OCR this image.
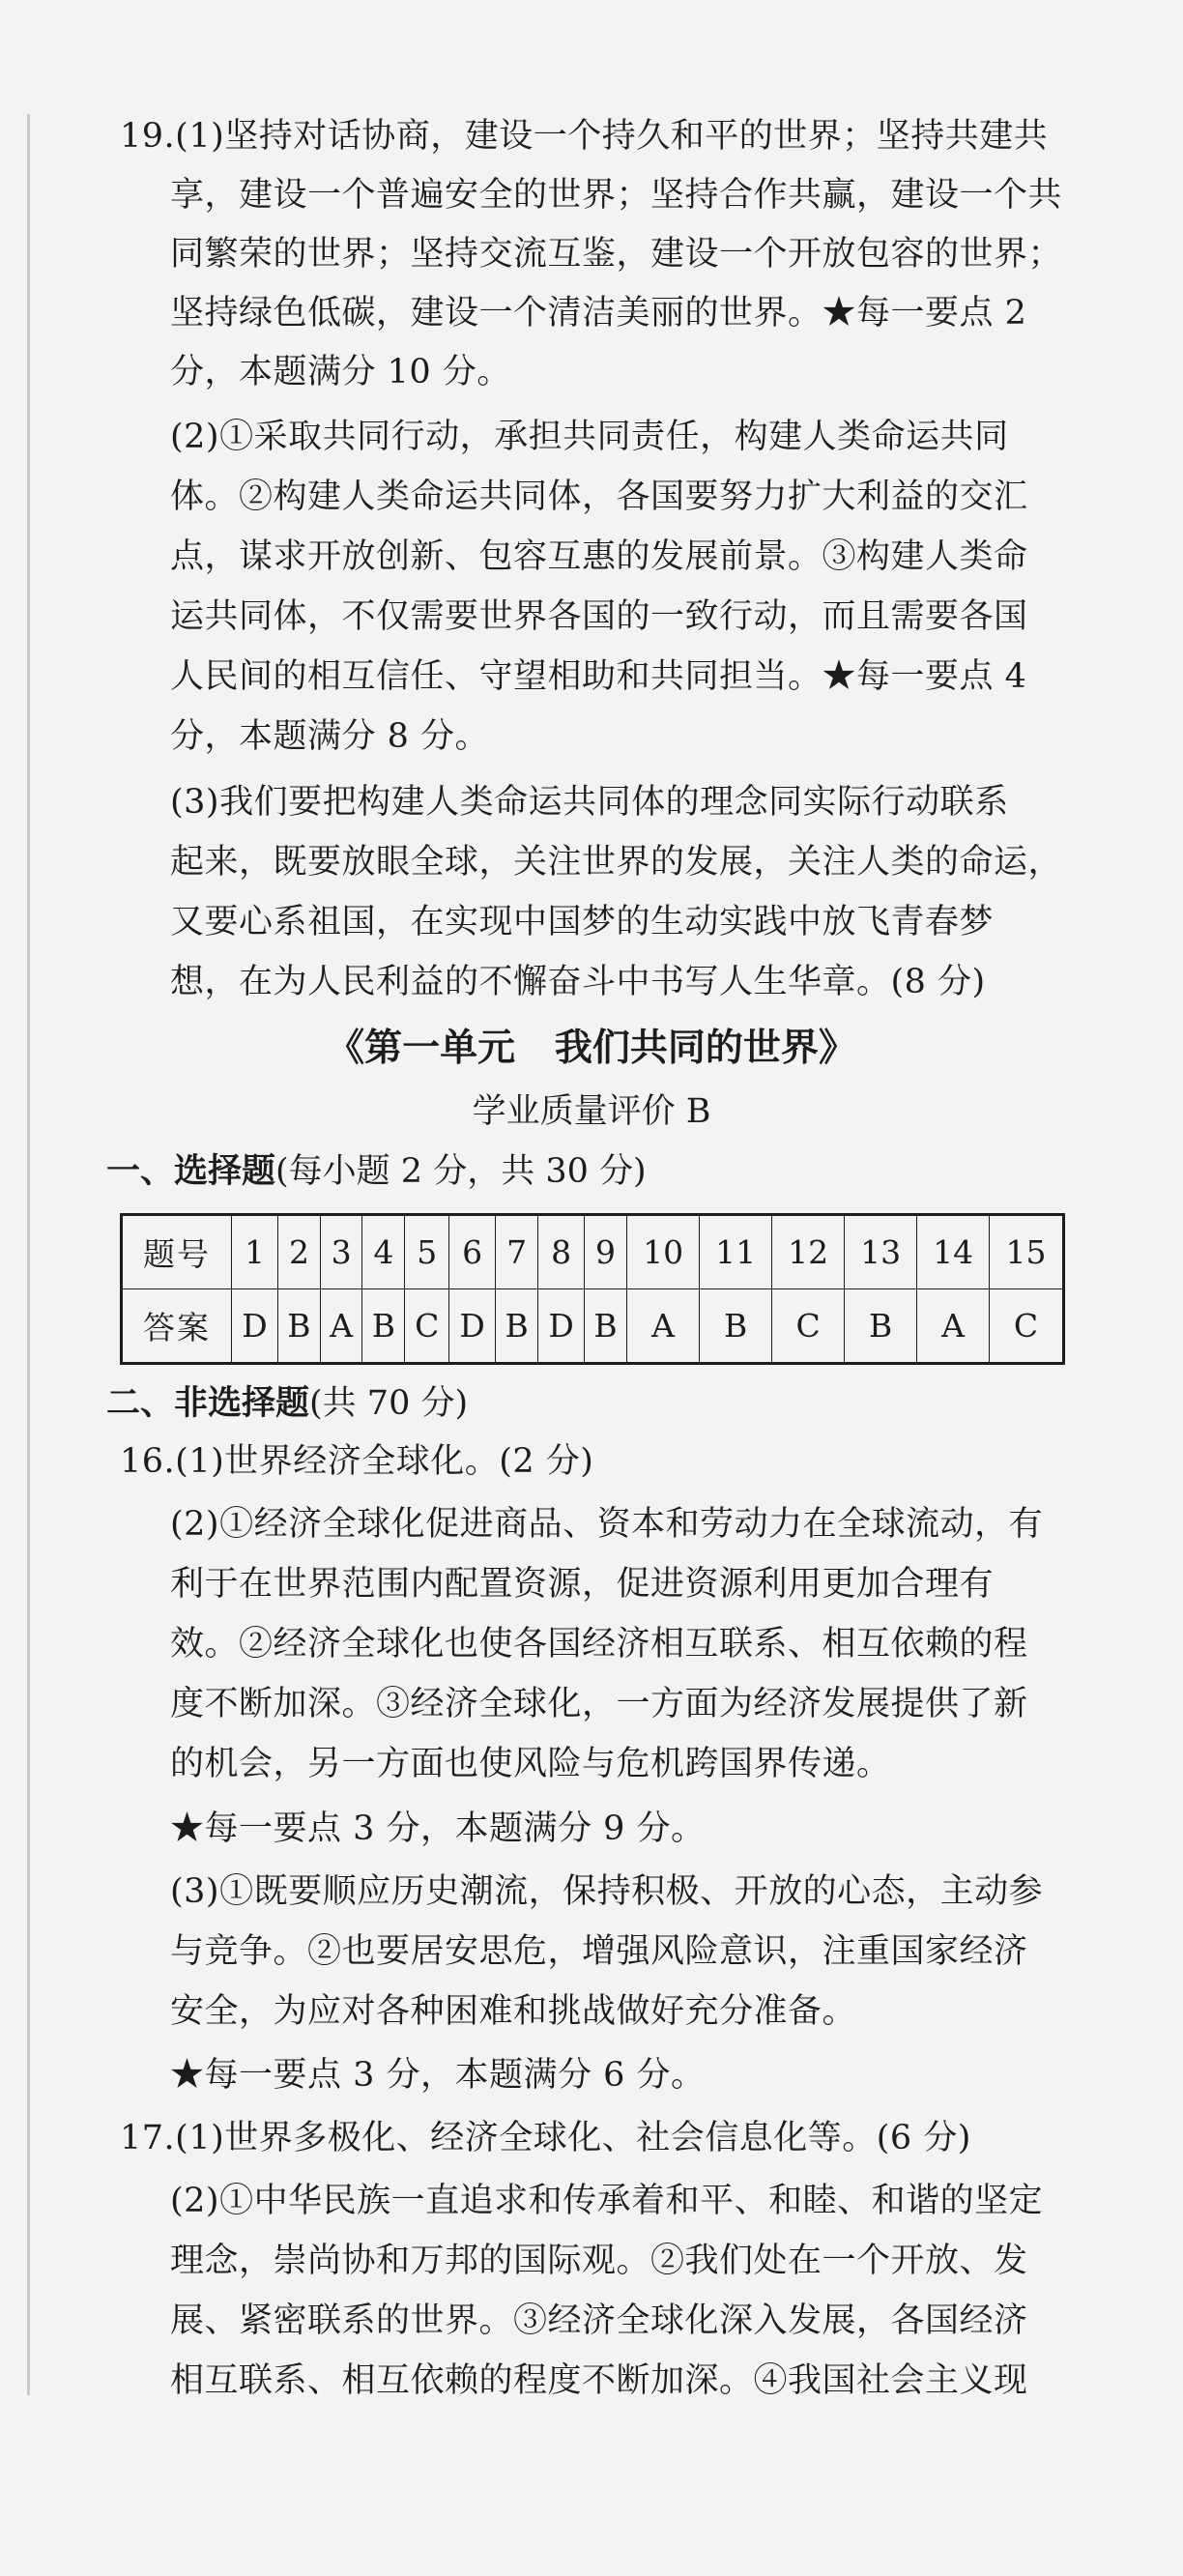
19.(1)坚持对话协商，建设一个持久和平的世界；坚持共建共
享，建设一个普遍安全的世界；坚持合作共赢，建设一个共
同繁荣的世界；坚持交流互鉴，建设一个开放包容的世界；
坚持绿色低碳，建设一个清洁美丽的世界。★每一要点 2
分，本题满分 10 分。
(2)①采取共同行动，承担共同责任，构建人类命运共同
体。②构建人类命运共同体，各国要努力扩大利益的交汇
点，谋求开放创新、包容互惠的发展前景。③构建人类命
运共同体，不仅需要世界各国的一致行动，而且需要各国
人民间的相互信任、守望相助和共同担当。★每一要点 4
分，本题满分 8 分。
(3)我们要把构建人类命运共同体的理念同实际行动联系
起来，既要放眼全球，关注世界的发展，关注人类的命运，
又要心系祖国，在实现中国梦的生动实践中放飞青春梦
想，在为人民利益的不懈奋斗中书写人生华章。(8 分)
《第一单元   我们共同的世界》
学业质量评价 B
一、选择题(每小题 2 分，共 30 分)
题号	1	2	3	4	5	6	7	8	9	10	11	12	13	14	15
答案	D	B	A	B	C	D	B	D	B	A	B	C	B	A	C
二、非选择题(共 70 分)
16.(1)世界经济全球化。(2 分)
(2)①经济全球化促进商品、资本和劳动力在全球流动，有
利于在世界范围内配置资源，促进资源利用更加合理有
效。②经济全球化也使各国经济相互联系、相互依赖的程
度不断加深。③经济全球化，一方面为经济发展提供了新
的机会，另一方面也使风险与危机跨国界传递。
★每一要点 3 分，本题满分 9 分。
(3)①既要顺应历史潮流，保持积极、开放的心态，主动参
与竞争。②也要居安思危，增强风险意识，注重国家经济
安全，为应对各种困难和挑战做好充分准备。
★每一要点 3 分，本题满分 6 分。
17.(1)世界多极化、经济全球化、社会信息化等。(6 分)
(2)①中华民族一直追求和传承着和平、和睦、和谐的坚定
理念，崇尚协和万邦的国际观。②我们处在一个开放、发
展、紧密联系的世界。③经济全球化深入发展，各国经济
相互联系、相互依赖的程度不断加深。④我国社会主义现
